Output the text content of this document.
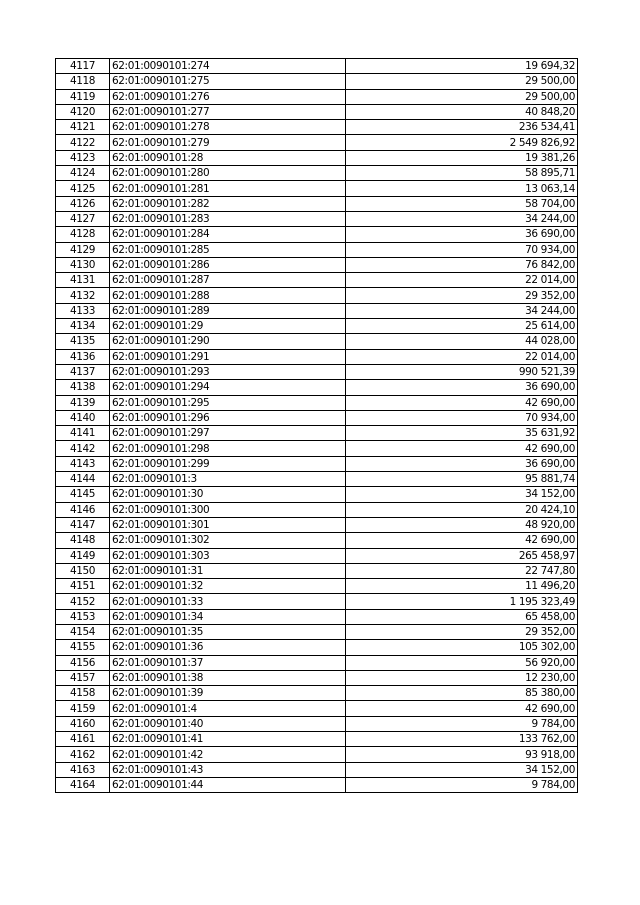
4117	62:01:0090101:274	19 694,32
4118	62:01:0090101:275	29 500,00
4119	62:01:0090101:276	29 500,00
4120	62:01:0090101:277	40 848,20
4121	62:01:0090101:278	236 534,41
4122	62:01:0090101:279	2 549 826,92
4123	62:01:0090101:28	19 381,26
4124	62:01:0090101:280	58 895,71
4125	62:01:0090101:281	13 063,14
4126	62:01:0090101:282	58 704,00
4127	62:01:0090101:283	34 244,00
4128	62:01:0090101:284	36 690,00
4129	62:01:0090101:285	70 934,00
4130	62:01:0090101:286	76 842,00
4131	62:01:0090101:287	22 014,00
4132	62:01:0090101:288	29 352,00
4133	62:01:0090101:289	34 244,00
4134	62:01:0090101:29	25 614,00
4135	62:01:0090101:290	44 028,00
4136	62:01:0090101:291	22 014,00
4137	62:01:0090101:293	990 521,39
4138	62:01:0090101:294	36 690,00
4139	62:01:0090101:295	42 690,00
4140	62:01:0090101:296	70 934,00
4141	62:01:0090101:297	35 631,92
4142	62:01:0090101:298	42 690,00
4143	62:01:0090101:299	36 690,00
4144	62:01:0090101:3	95 881,74
4145	62:01:0090101:30	34 152,00
4146	62:01:0090101:300	20 424,10
4147	62:01:0090101:301	48 920,00
4148	62:01:0090101:302	42 690,00
4149	62:01:0090101:303	265 458,97
4150	62:01:0090101:31	22 747,80
4151	62:01:0090101:32	11 496,20
4152	62:01:0090101:33	1 195 323,49
4153	62:01:0090101:34	65 458,00
4154	62:01:0090101:35	29 352,00
4155	62:01:0090101:36	105 302,00
4156	62:01:0090101:37	56 920,00
4157	62:01:0090101:38	12 230,00
4158	62:01:0090101:39	85 380,00
4159	62:01:0090101:4	42 690,00
4160	62:01:0090101:40	9 784,00
4161	62:01:0090101:41	133 762,00
4162	62:01:0090101:42	93 918,00
4163	62:01:0090101:43	34 152,00
4164	62:01:0090101:44	9 784,00
